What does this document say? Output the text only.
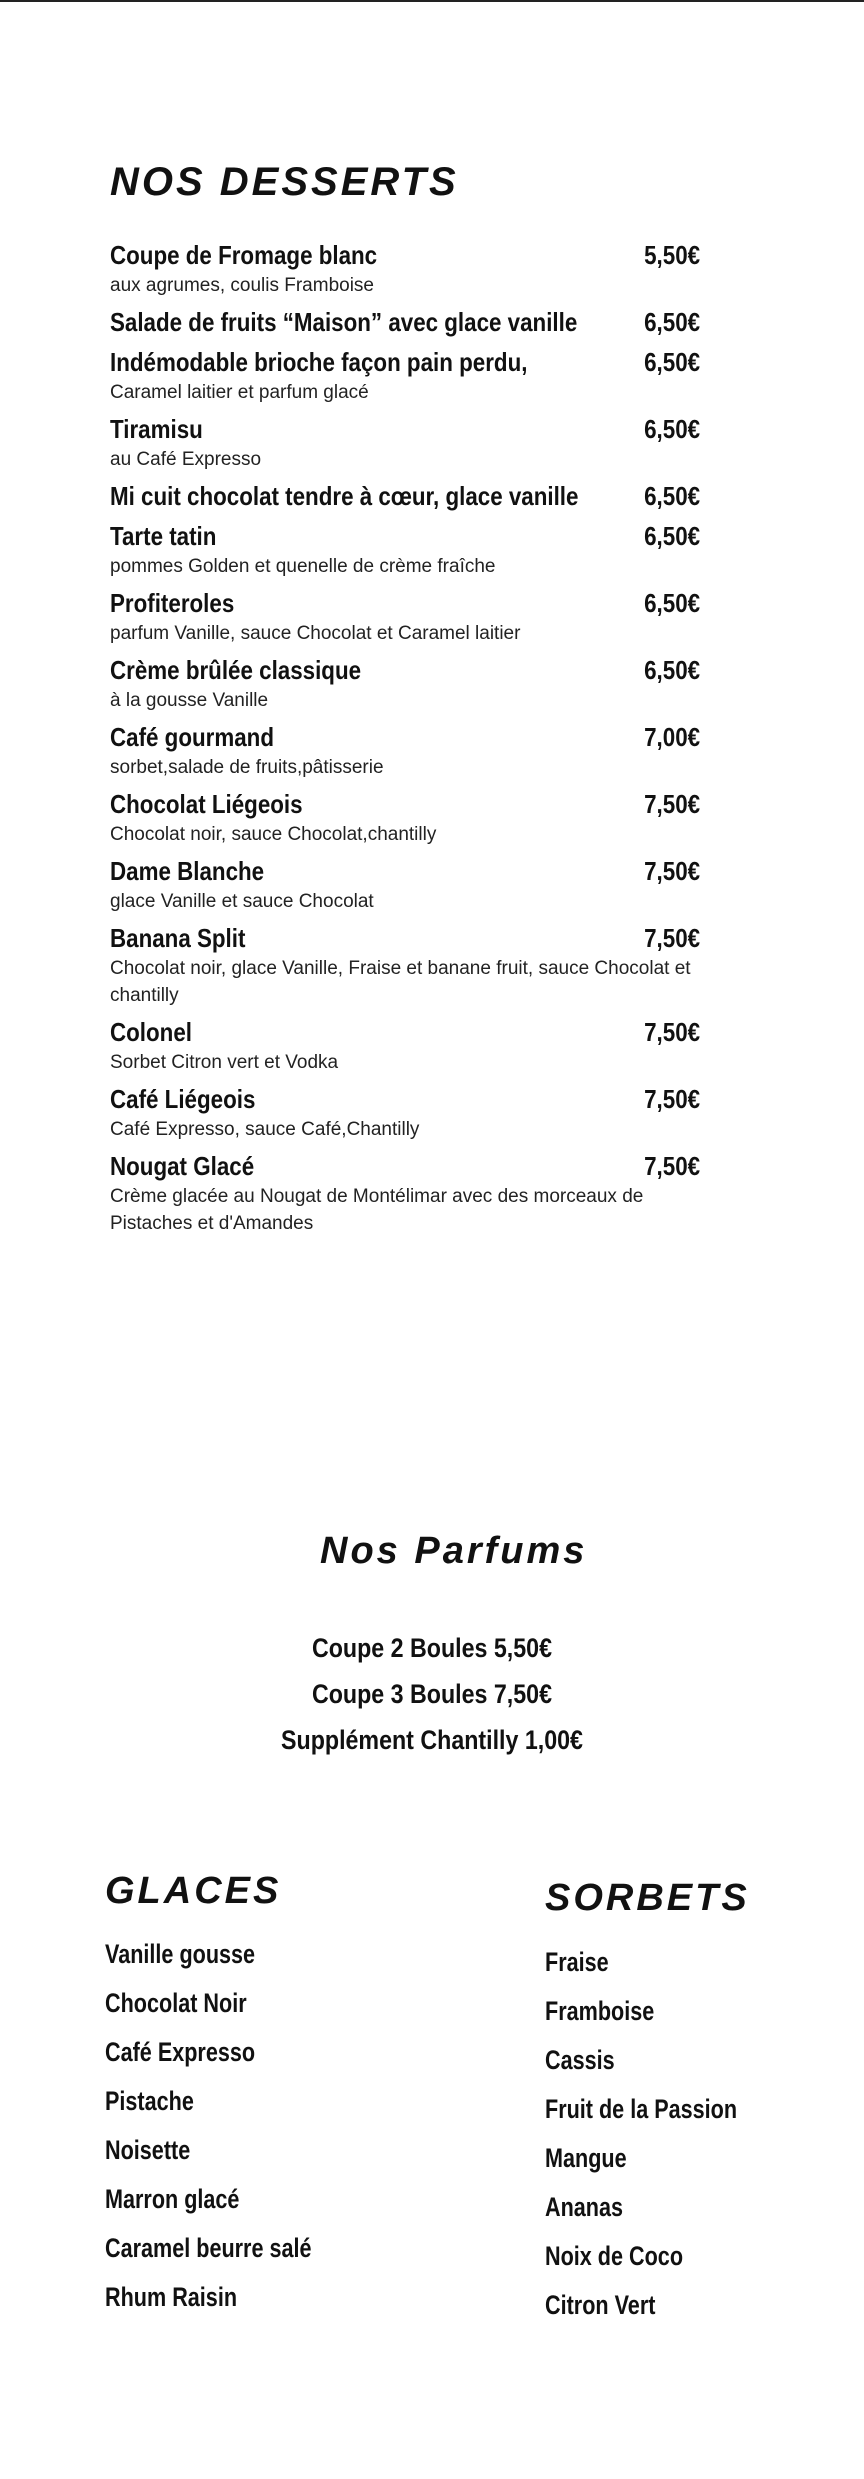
NOS DESSERTS
Coupe de Fromage blanc	5,50€
aux agrumes, coulis Framboise
Salade de fruits “Maison” avec glace vanille	6,50€
Indémodable brioche façon pain perdu,	6,50€
Caramel laitier et parfum glacé
Tiramisu	6,50€
au Café Expresso
Mi cuit chocolat tendre à cœur, glace vanille	6,50€
Tarte tatin	6,50€
pommes Golden et quenelle de crème fraîche
Profiteroles	6,50€
parfum Vanille, sauce Chocolat et Caramel laitier
Crème brûlée classique	6,50€
à la gousse Vanille
Café gourmand	7,00€
sorbet,salade de fruits,pâtisserie
Chocolat Liégeois	7,50€
Chocolat noir, sauce Chocolat,chantilly
Dame Blanche	7,50€
glace Vanille et sauce Chocolat
Banana Split	7,50€
Chocolat noir, glace Vanille, Fraise et banane fruit, sauce Chocolat et chantilly
Colonel	7,50€
Sorbet Citron vert et Vodka
Café Liégeois	7,50€
Café Expresso, sauce Café,Chantilly
Nougat Glacé	7,50€
Crème glacée au Nougat de Montélimar avec des morceaux de Pistaches et d'Amandes
Nos Parfums
Coupe 2 Boules 5,50€
Coupe 3 Boules 7,50€
Supplément Chantilly 1,00€
GLACES
Vanille gousse
Chocolat Noir
Café Expresso
Pistache
Noisette
Marron glacé
Caramel beurre salé
Rhum Raisin
SORBETS
Fraise
Framboise
Cassis
Fruit de la Passion
Mangue
Ananas
Noix de Coco
Citron Vert
